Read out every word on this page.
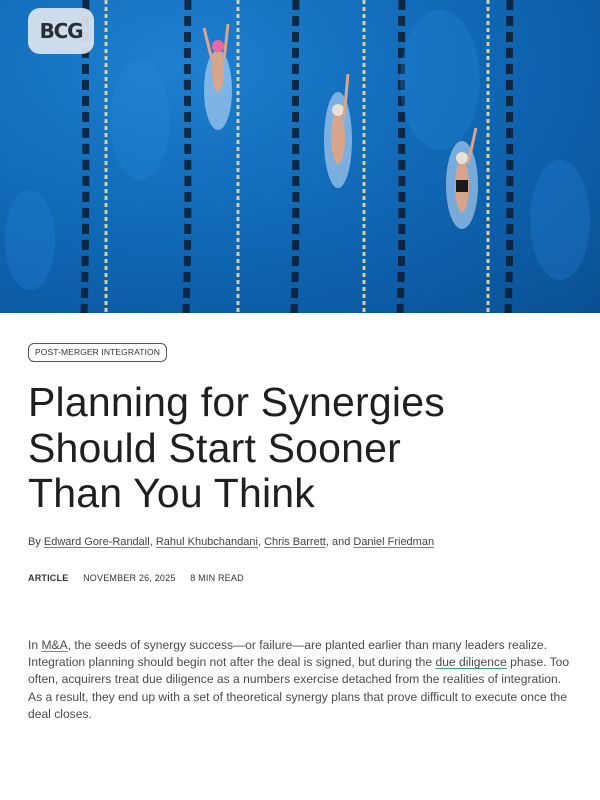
BCG
POST-MERGER INTEGRATION
Planning for Synergies
Should Start Sooner
Than You Think
By Edward Gore-Randall, Rahul Khubchandani, Chris Barrett, and Daniel Friedman
ARTICLE NOVEMBER 26, 2025 8 MIN READ

In M&A, the seeds of synergy success—or failure—are planted earlier than many leaders realize. Integration planning should begin not after the deal is signed, but during the due diligence phase. Too often, acquirers treat due diligence as a numbers exercise detached from the realities of integration. As a result, they end up with a set of theoretical synergy plans that prove difficult to execute once the deal closes.
